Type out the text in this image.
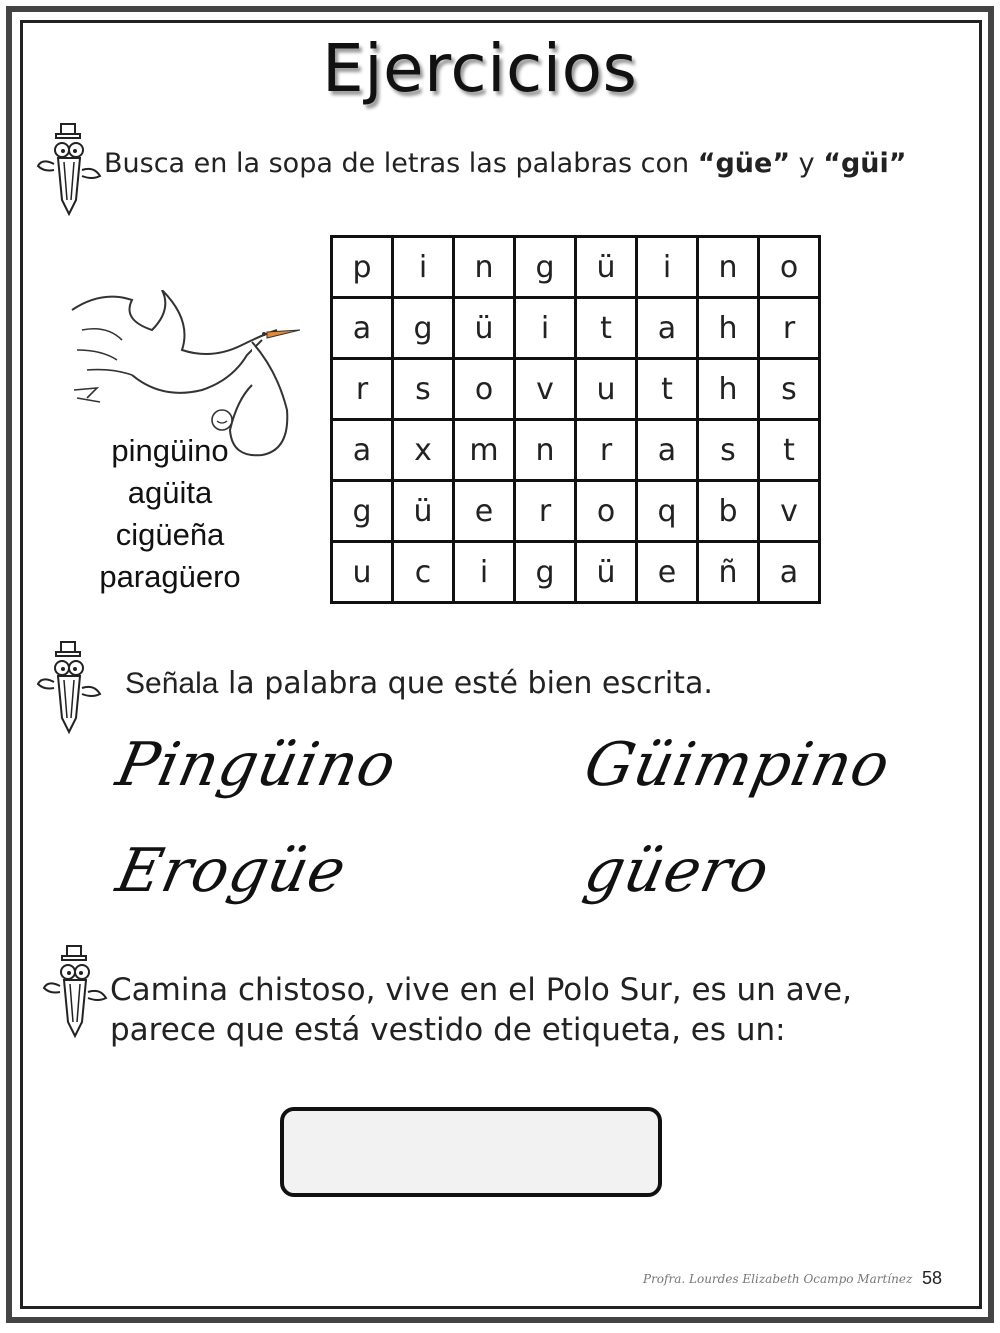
Ejercicios
Busca en la sopa de letras las palabras con “güe” y “güi”
pingüino
agüita
cigüeña
paragüero
p	i	n	g	ü	i	n	o
a	g	ü	i	t	a	h	r
r	s	o	v	u	t	h	s
a	x	m	n	r	a	s	t
g	ü	e	r	o	q	b	v
u	c	i	g	ü	e	ñ	a
Señala la palabra que esté bien escrita.
Pingüino	Güimpino
Erogüe	güero
Camina chistoso, vive en el Polo Sur, es un ave,
parece que está vestido de etiqueta, es un:
Profra. Lourdes Elizabeth Ocampo Martínez 58
